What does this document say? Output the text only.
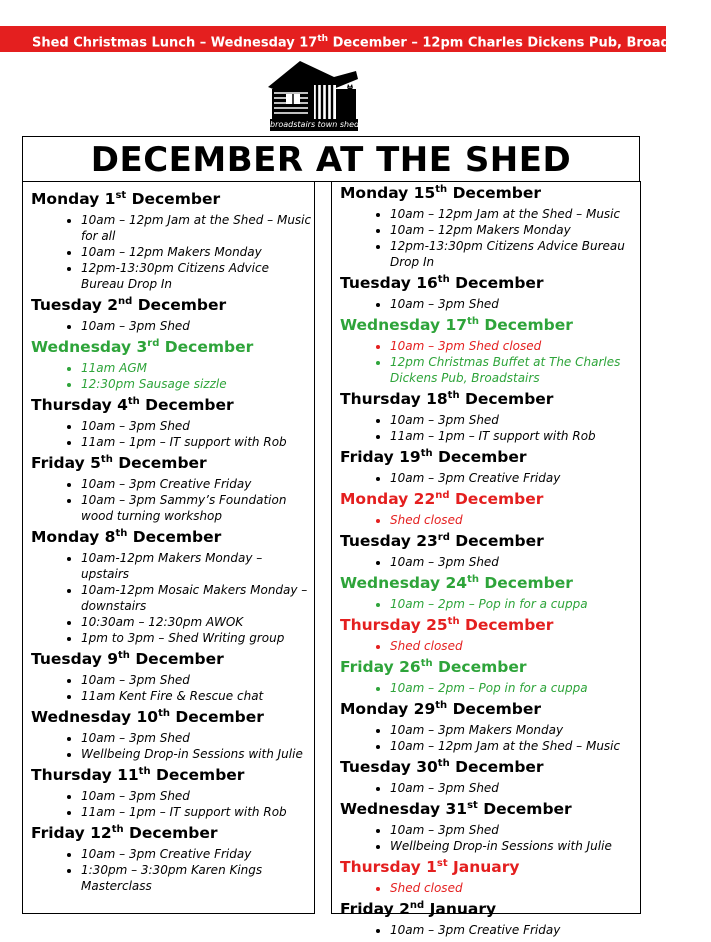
Shed Christmas Lunch – Wednesday 17th December – 12pm Charles Dickens Pub, Broadstairs
broadstairs town shed
DECEMBER AT THE SHED
Monday 1st December
• 10am – 12pm Jam at the Shed – Music for all
• 10am – 12pm Makers Monday
• 12pm-13:30pm Citizens Advice Bureau Drop In
Tuesday 2nd December
• 10am – 3pm Shed
Wednesday 3rd December
• 11am AGM
• 12:30pm Sausage sizzle
Thursday 4th December
• 10am – 3pm Shed
• 11am – 1pm – IT support with Rob
Friday 5th December
• 10am – 3pm Creative Friday
• 10am – 3pm Sammy’s Foundation wood turning workshop
Monday 8th December
• 10am-12pm Makers Monday – upstairs
• 10am-12pm Mosaic Makers Monday – downstairs
• 10:30am – 12:30pm AWOK
• 1pm to 3pm – Shed Writing group
Tuesday 9th December
• 10am – 3pm Shed
• 11am Kent Fire & Rescue chat
Wednesday 10th December
• 10am – 3pm Shed
• Wellbeing Drop-in Sessions with Julie
Thursday 11th December
• 10am – 3pm Shed
• 11am – 1pm – IT support with Rob
Friday 12th December
• 10am – 3pm Creative Friday
• 1:30pm – 3:30pm Karen Kings Masterclass
Monday 15th December
• 10am – 12pm Jam at the Shed – Music
• 10am – 12pm Makers Monday
• 12pm-13:30pm Citizens Advice Bureau Drop In
Tuesday 16th December
• 10am – 3pm Shed
Wednesday 17th December
• 10am – 3pm Shed closed
• 12pm Christmas Buffet at The Charles Dickens Pub, Broadstairs
Thursday 18th December
• 10am – 3pm Shed
• 11am – 1pm – IT support with Rob
Friday 19th December
• 10am – 3pm Creative Friday
Monday 22nd December
• Shed closed
Tuesday 23rd December
• 10am – 3pm Shed
Wednesday 24th December
• 10am – 2pm – Pop in for a cuppa
Thursday 25th December
• Shed closed
Friday 26th December
• 10am – 2pm – Pop in for a cuppa
Monday 29th December
• 10am – 3pm Makers Monday
• 10am – 12pm Jam at the Shed – Music
Tuesday 30th December
• 10am – 3pm Shed
Wednesday 31st December
• 10am – 3pm Shed
• Wellbeing Drop-in Sessions with Julie
Thursday 1st January
• Shed closed
Friday 2nd January
• 10am – 3pm Creative Friday
